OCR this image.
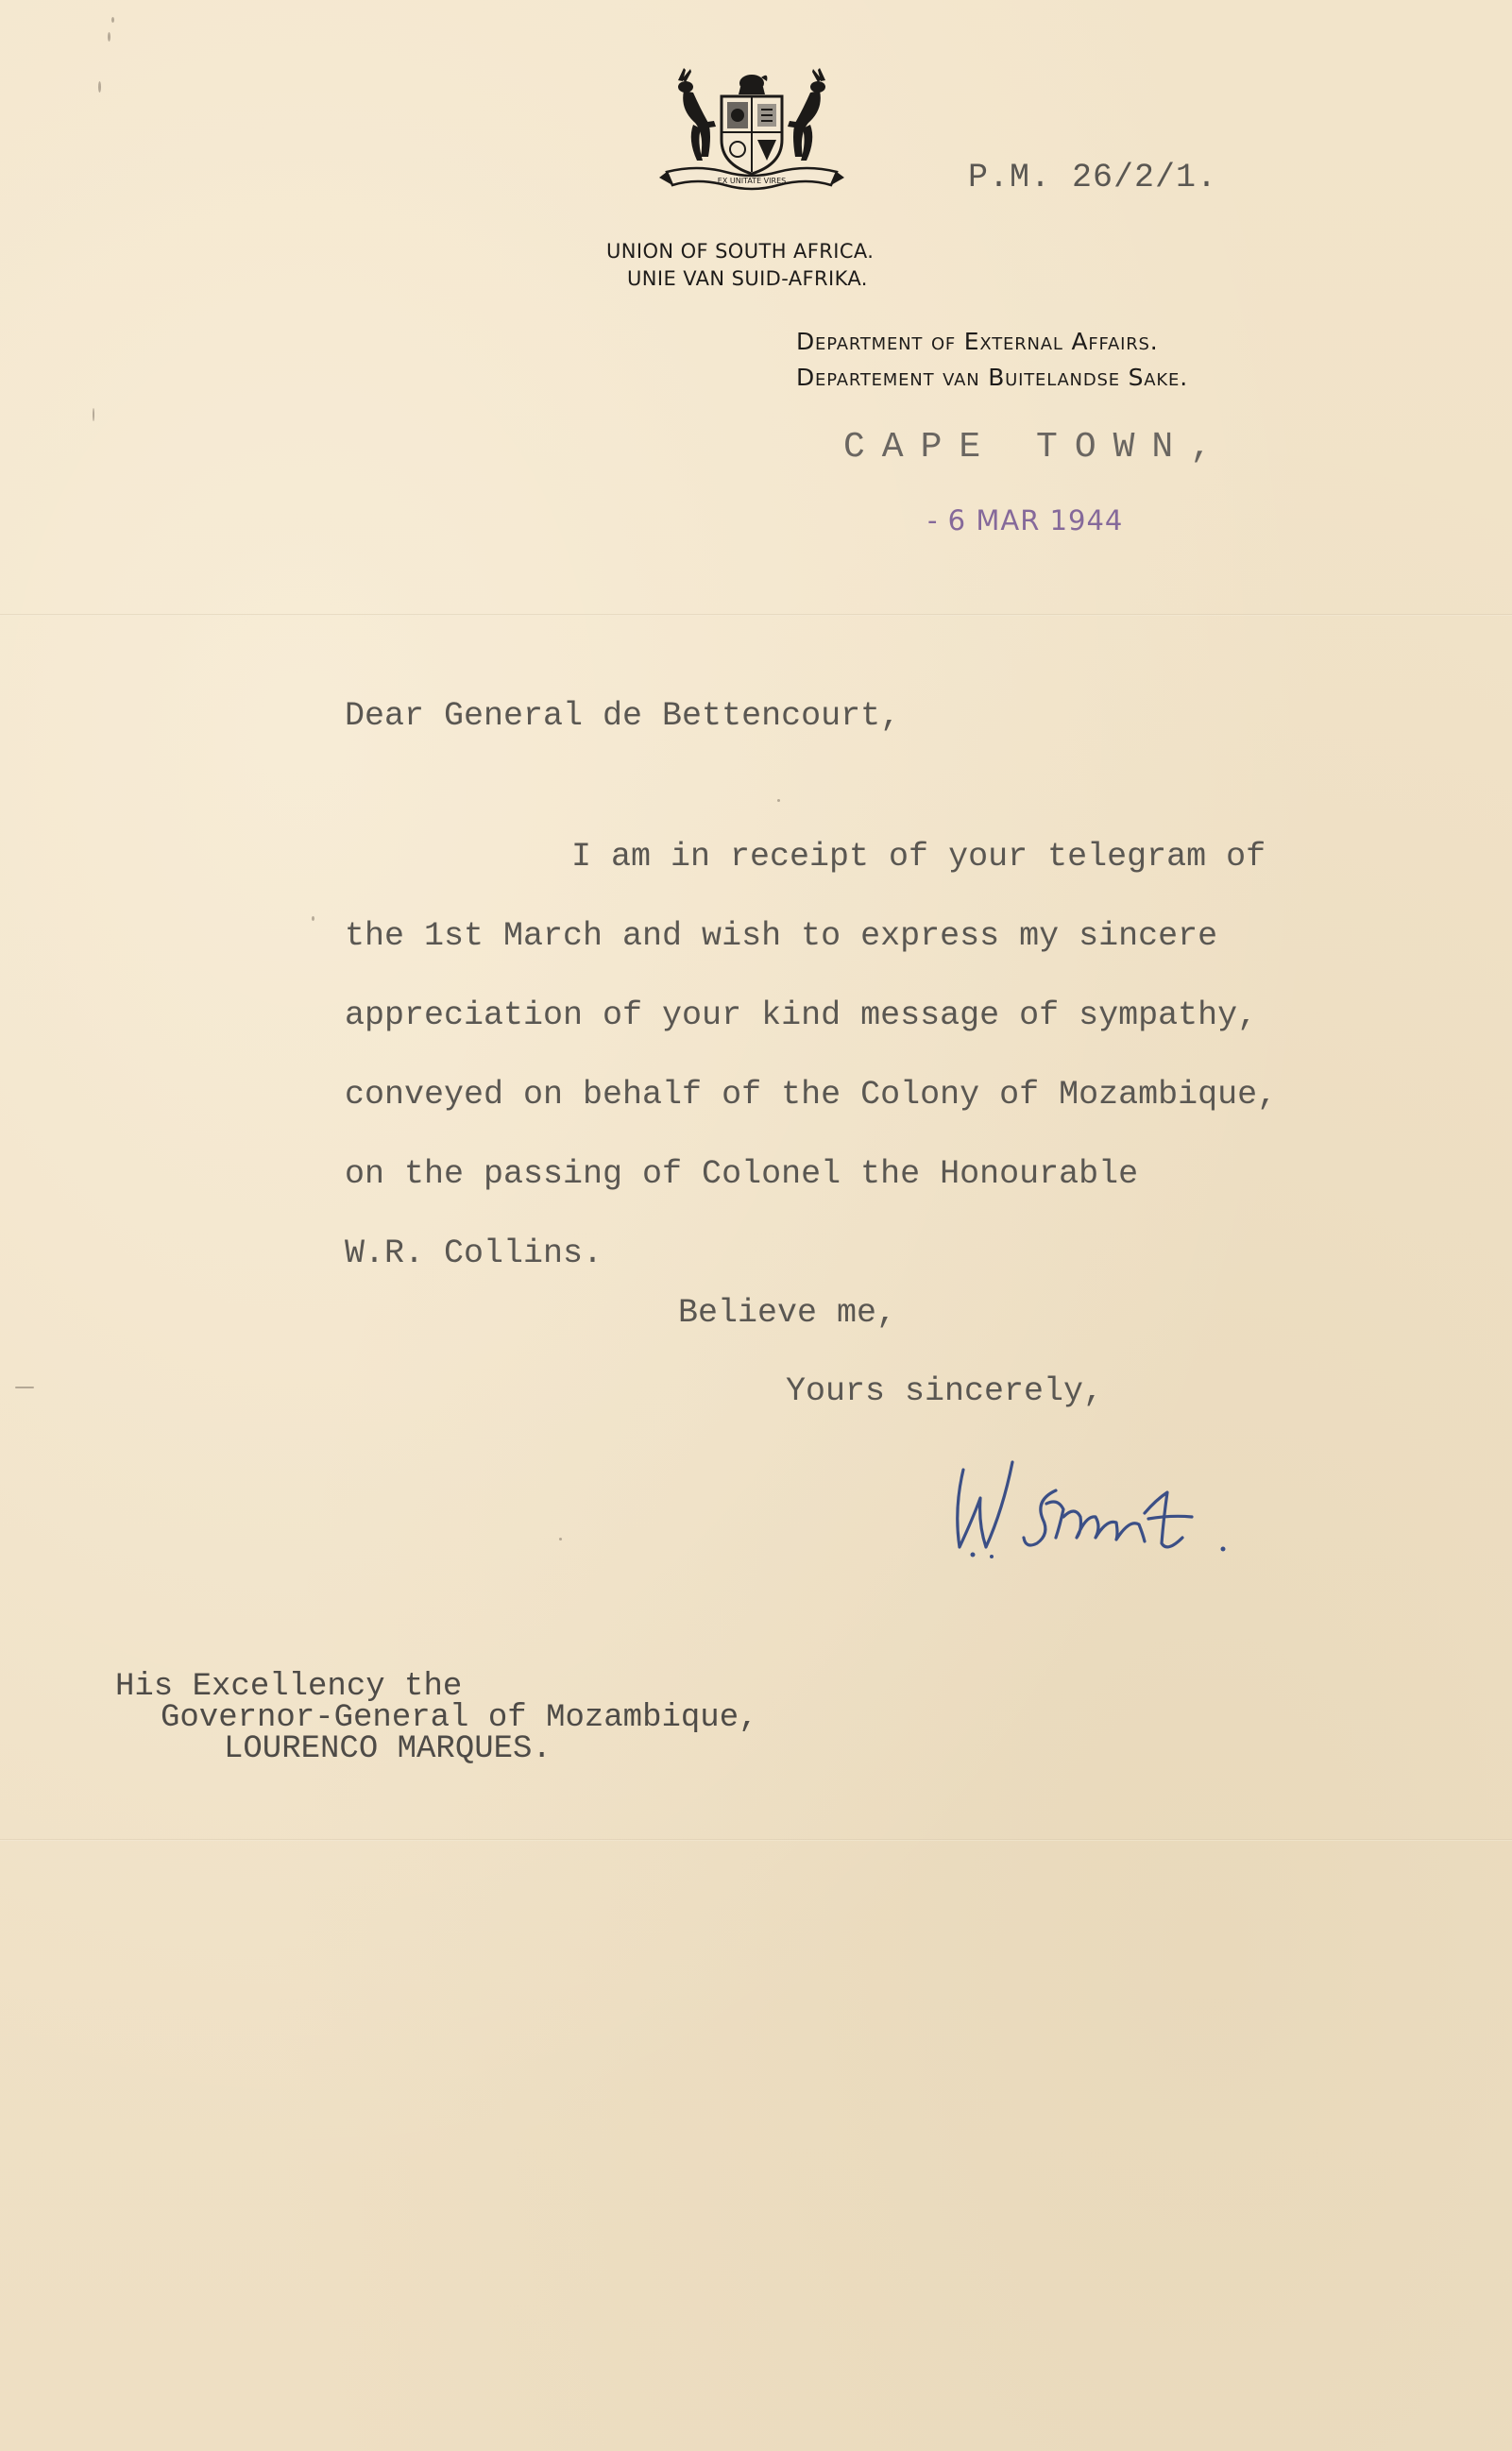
EX UNITATE VIRES	P.M. 26/2/1.
UNION OF SOUTH AFRICA.
UNIE VAN SUID-AFRIKA.
Department of External Affairs.
Departement van Buitelandse Sake.
CAPE TOWN,
- 6 MAR 1944
Dear General de Bettencourt,
I am in receipt of your telegram of
the 1st March and wish to express my sincere
appreciation of your kind message of sympathy,
conveyed on behalf of the Colony of Mozambique,
on the passing of Colonel the Honourable
W.R. Collins.
Believe me,
Yours sincerely,
His Excellency the
Governor-General of Mozambique,
LOURENCO MARQUES.
